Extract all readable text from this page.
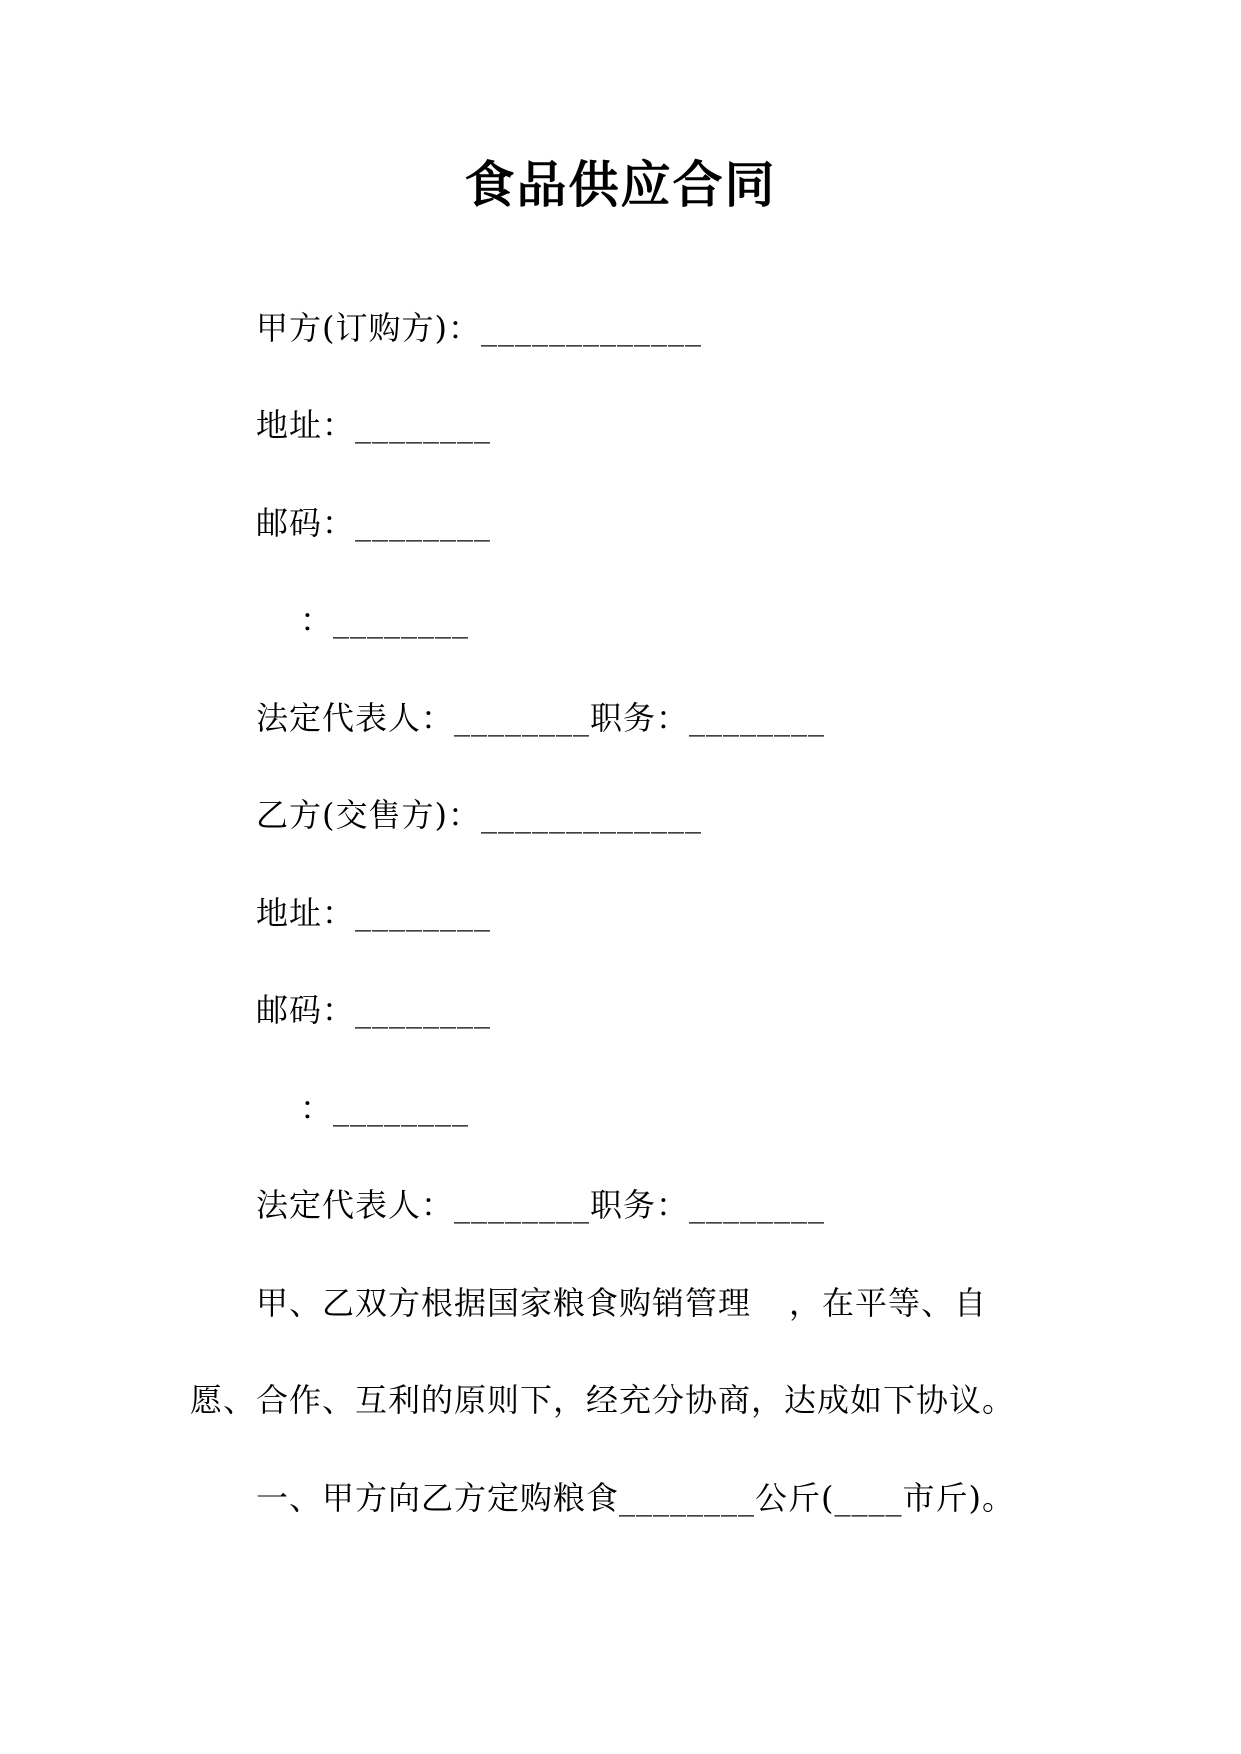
食品供应合同
甲方(订购方)：_____________
地址：________
邮码：________
：________
法定代表人：________职务：________
乙方(交售方)：_____________
地址：________
邮码：________
：________
法定代表人：________职务：________
甲、乙双方根据国家粮食购销管理 ，在平等、自
愿、合作、互利的原则下，经充分协商，达成如下协议。
一、甲方向乙方定购粮食________公斤(____市斤)。
